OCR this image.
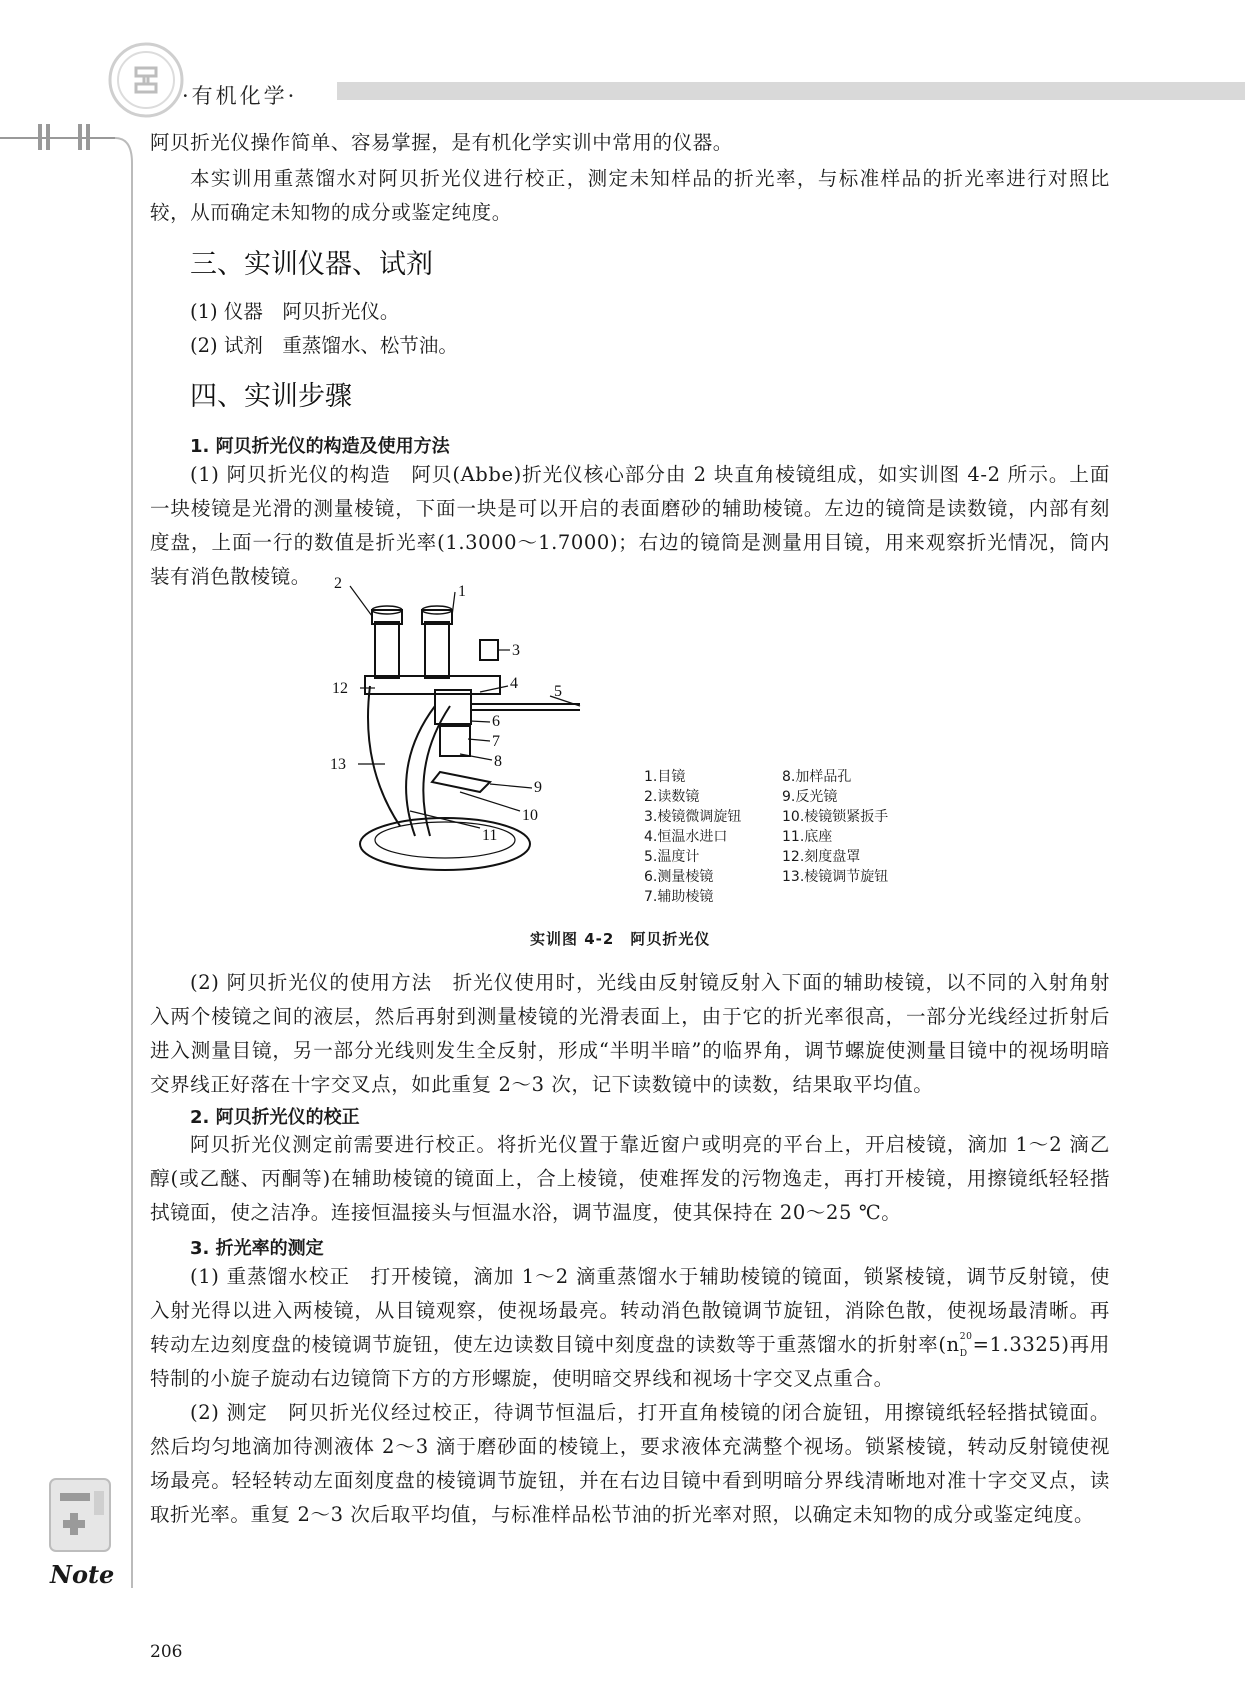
·有机化学·
阿贝折光仪操作简单、容易掌握，是有机化学实训中常用的仪器。
本实训用重蒸馏水对阿贝折光仪进行校正，测定未知样品的折光率，与标准样品的折光率进行对照比较，从而确定未知物的成分或鉴定纯度。
三、实训仪器、试剂
(1) 仪器　阿贝折光仪。
(2) 试剂　重蒸馏水、松节油。
四、实训步骤
1. 阿贝折光仪的构造及使用方法
(1) 阿贝折光仪的构造　阿贝(Abbe)折光仪核心部分由 2 块直角棱镜组成，如实训图 4-2 所示。上面一块棱镜是光滑的测量棱镜，下面一块是可以开启的表面磨砂的辅助棱镜。左边的镜筒是读数镜，内部有刻度盘，上面一行的数值是折光率(1.3000～1.7000)；右边的镜筒是测量用目镜，用来观察折光情况，筒内装有消色散棱镜。
1
2
3
4 5
6
7
8
9
10
11
12
13
1.目镜
2.读数镜
3.棱镜微调旋钮
4.恒温水进口
5.温度计
6.测量棱镜
7.辅助棱镜
8.加样品孔
9.反光镜
10.棱镜锁紧扳手
11.底座
12.刻度盘罩
13.棱镜调节旋钮
实训图 4-2　阿贝折光仪
(2) 阿贝折光仪的使用方法　折光仪使用时，光线由反射镜反射入下面的辅助棱镜，以不同的入射角射入两个棱镜之间的液层，然后再射到测量棱镜的光滑表面上，由于它的折光率很高，一部分光线经过折射后进入测量目镜，另一部分光线则发生全反射，形成“半明半暗”的临界角，调节螺旋使测量目镜中的视场明暗交界线正好落在十字交叉点，如此重复 2～3 次，记下读数镜中的读数，结果取平均值。
2. 阿贝折光仪的校正
阿贝折光仪测定前需要进行校正。将折光仪置于靠近窗户或明亮的平台上，开启棱镜，滴加 1～2 滴乙醇(或乙醚、丙酮等)在辅助棱镜的镜面上，合上棱镜，使难挥发的污物逸走，再打开棱镜，用擦镜纸轻轻揩拭镜面，使之洁净。连接恒温接头与恒温水浴，调节温度，使其保持在 20～25 ℃。
3. 折光率的测定
(1) 重蒸馏水校正　打开棱镜，滴加 1～2 滴重蒸馏水于辅助棱镜的镜面，锁紧棱镜，调节反射镜，使入射光得以进入两棱镜，从目镜观察，使视场最亮。转动消色散镜调节旋钮，消除色散，使视场最清晰。再转动左边刻度盘的棱镜调节旋钮，使左边读数目镜中刻度盘的读数等于重蒸馏水的折射率($n^{20}$
$_D$ =1.3325)再用特制的小旋子旋动右边镜筒下方的方形螺旋，使明暗交界线和视场十字交叉点重合。
(2) 测定　阿贝折光仪经过校正，待调节恒温后，打开直角棱镜的闭合旋钮，用擦镜纸轻轻揩拭镜面。然后均匀地滴加待测液体 2～3 滴于磨砂面的棱镜上，要求液体充满整个视场。锁紧棱镜，转动反射镜使视场最亮。轻轻转动左面刻度盘的棱镜调节旋钮，并在右边目镜中看到明暗分界线清晰地对准十字交叉点，读取折光率。重复 2～3 次后取平均值，与标准样品松节油的折光率对照，以确定未知物的成分或鉴定纯度。
Note
206
